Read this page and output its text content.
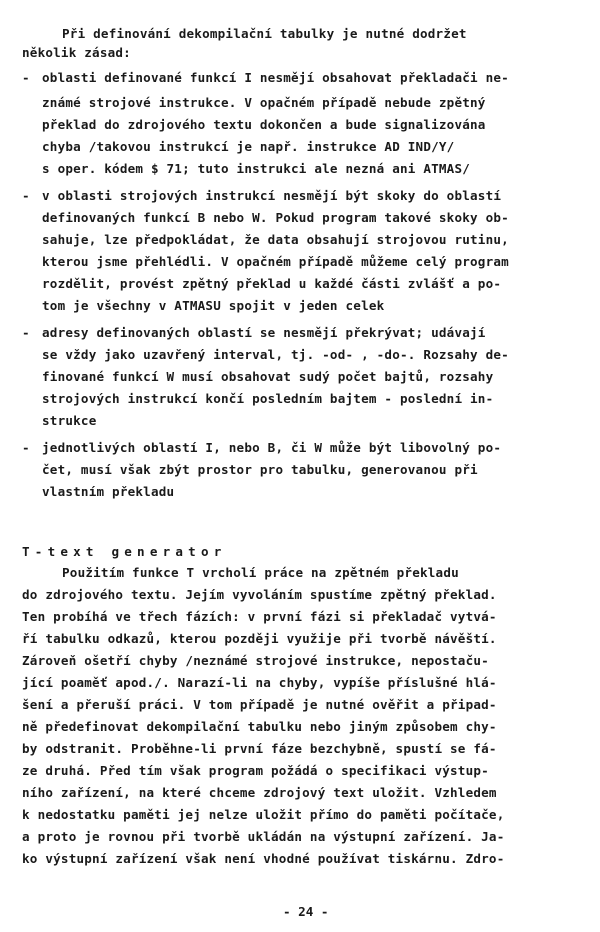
Při definování dekompilační tabulky je nutné dodržet
několik zásad:
- oblasti definované funkcí I nesmějí obsahovat překladači ne-
známé strojové instrukce. V opačném případě nebude zpětný
překlad do zdrojového textu dokončen a bude signalizována
chyba /takovou instrukcí je např. instrukce AD IND/Y/
s oper. kódem $ 71; tuto instrukci ale nezná ani ATMAS/
- v oblasti strojových instrukcí nesmějí být skoky do oblastí
definovaných funkcí B nebo W. Pokud program takové skoky ob-
sahuje, lze předpokládat, že data obsahují strojovou rutinu,
kterou jsme přehlédli. V opačném případě můžeme celý program
rozdělit, provést zpětný překlad u každé části zvlášť a po-
tom je všechny v ATMASU spojit v jeden celek
- adresy definovaných oblastí se nesmějí překrývat; udávají
se vždy jako uzavřený interval, tj. -od- , -do-. Rozsahy de-
finované funkcí W musí obsahovat sudý počet bajtů, rozsahy
strojových instrukcí končí posledním bajtem - poslední in-
strukce
- jednotlivých oblastí I, nebo B, či W může být libovolný po-
čet, musí však zbýt prostor pro tabulku, generovanou při
vlastním překladu
T-text generator
Použitím funkce T vrcholí práce na zpětném překladu
do zdrojového textu. Jejím vyvoláním spustíme zpětný překlad.
Ten probíhá ve třech fázích: v první fázi si překladač vytvá-
ří tabulku odkazů, kterou později využije při tvorbě návěští.
Zároveň ošetří chyby /neznámé strojové instrukce, nepostaču-
jící poaměť apod./. Narazí-li na chyby, vypíše příslušné hlá-
šení a přeruší práci. V tom případě je nutné ověřit a připad-
ně předefinovat dekompilační tabulku nebo jiným způsobem chy-
by odstranit. Proběhne-li první fáze bezchybně, spustí se fá-
ze druhá. Před tím však program požádá o specifikaci výstup-
ního zařízení, na které chceme zdrojový text uložit. Vzhledem
k nedostatku paměti jej nelze uložit přímo do paměti počítače,
a proto je rovnou při tvorbě ukládán na výstupní zařízení. Ja-
ko výstupní zařízení však není vhodné používat tiskárnu. Zdro-
- 24 -
